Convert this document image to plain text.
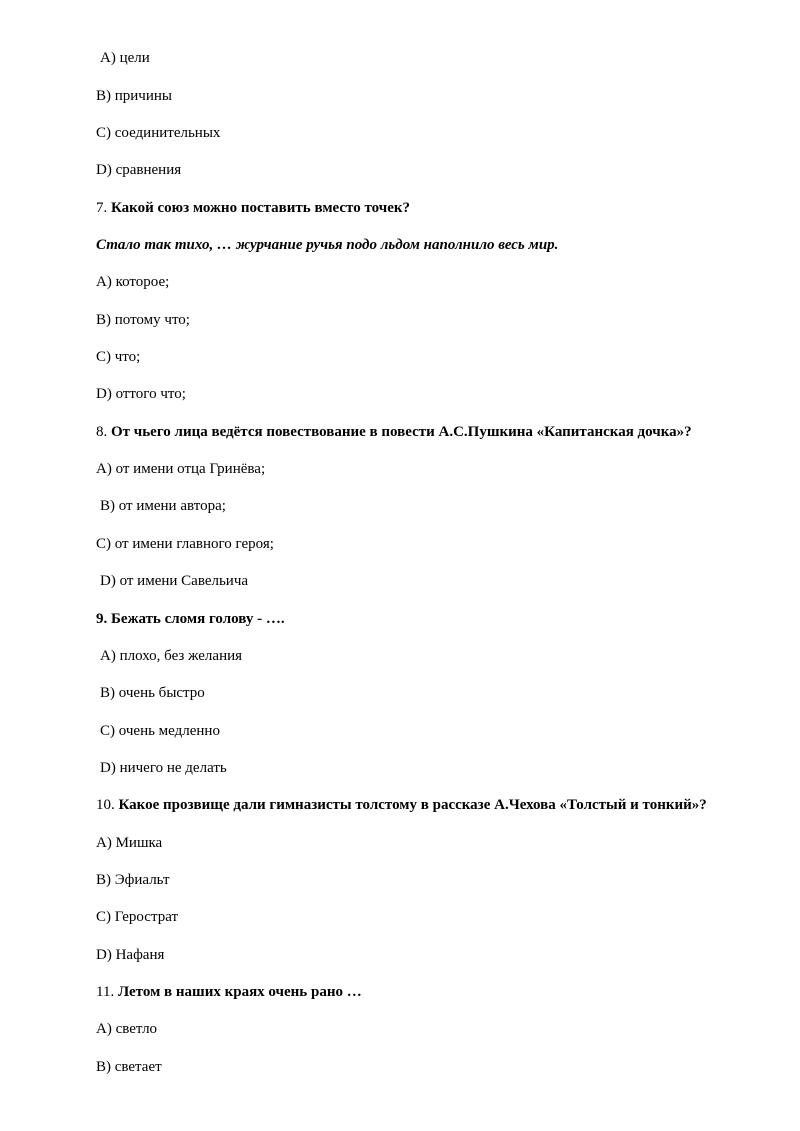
А) цели
В) причины
С) соединительных
D) сравнения
7. Какой союз можно поставить вместо точек?
Стало так тихо, … журчание ручья подо льдом наполнило весь мир.
А) которое;
В) потому что;
С) что;
D) оттого что;
8. От чьего лица ведётся повествование в повести А.С.Пушкина «Капитанская дочка»?
А) от имени отца Гринёва;
В) от имени автора;
С) от имени главного героя;
D) от имени Савельича
9. Бежать сломя голову - ….
А) плохо, без желания
В) очень быстро
С) очень медленно
D) ничего не делать
10. Какое прозвище дали гимназисты толстому в рассказе А.Чехова «Толстый и тонкий»?
А) Мишка
В) Эфиальт
С) Герострат
D) Нафаня
11. Летом в наших краях очень рано …
А) светло
В) светает
